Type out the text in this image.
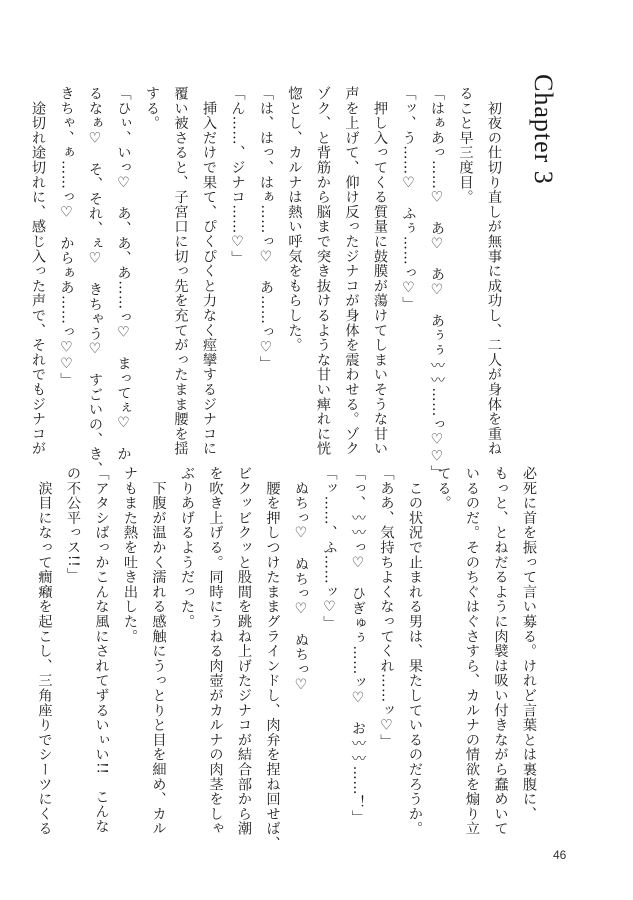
Chapter 3
　初夜の仕切り直しが無事に成功し、二人が身体を重ね
ること早三度目。
「はぁあっ……♡　あ♡　あ♡　あぅぅ〰〰……っ♡♡」
「ッ、う……♡　ふぅ……っ♡」
　押し入ってくる質量に鼓膜が蕩けてしまいそうな甘い
声を上げて、仰け反ったジナコが身体を震わせる。ゾク
ゾク、と背筋から脳まで突き抜けるような甘い痺れに恍
惚とし、カルナは熱い呼気をもらした。
「は、はっ、はぁ……っ♡　あ……っ♡」
「ん……、ジナコ……♡」
　挿入だけで果て、ぴくぴくと力なく痙攣するジナコに
覆い被さると、子宮口に切っ先を充てがったまま腰を揺
する。
「ひぃ、いっ♡　あ、あ、あ……っ♡　まってぇ♡　か
るなぁ♡　そ、それ、ぇ♡　きちゃう♡　すごいの、き、
きちゃ、ぁ……っ♡　からぁあ……っ♡♡」
　途切れ途切れに、感じ入った声で、それでもジナコが
必死に首を振って言い募る。けれど言葉とは裏腹に、
もっと、とねだるように肉襞は吸い付きながら蠢めいて
いるのだ。そのちぐはぐさすら、カルナの情欲を煽り立
てる。
　この状況で止まれる男は、果たしているのだろうか。
「ああ、気持ちよくなってくれ……ッ♡」
「っ、〰〰っ♡　ひぎゅぅ……ッ♡　お〰〰……！」
「ッ……、ふ……ッ♡」
　ぬちっ♡　ぬちっ♡　ぬちっ♡
　腰を押しつけたままグラインドし、肉弁を捏ね回せば、
ビクッビクッと股間を跳ね上げたジナコが結合部から潮
を吹き上げる。同時にうねる肉壺がカルナの肉茎をしゃ
ぶりあげるようだった。
　下腹が温かく濡れる感触にうっとりと目を細め、カル
ナもまた熱を吐き出した。
「アタシばっかこんな風にされてずるいぃい!!　こんな
の不公平っス!!」
　涙目になって癇癪を起こし、三角座りでシーツにくる
46
